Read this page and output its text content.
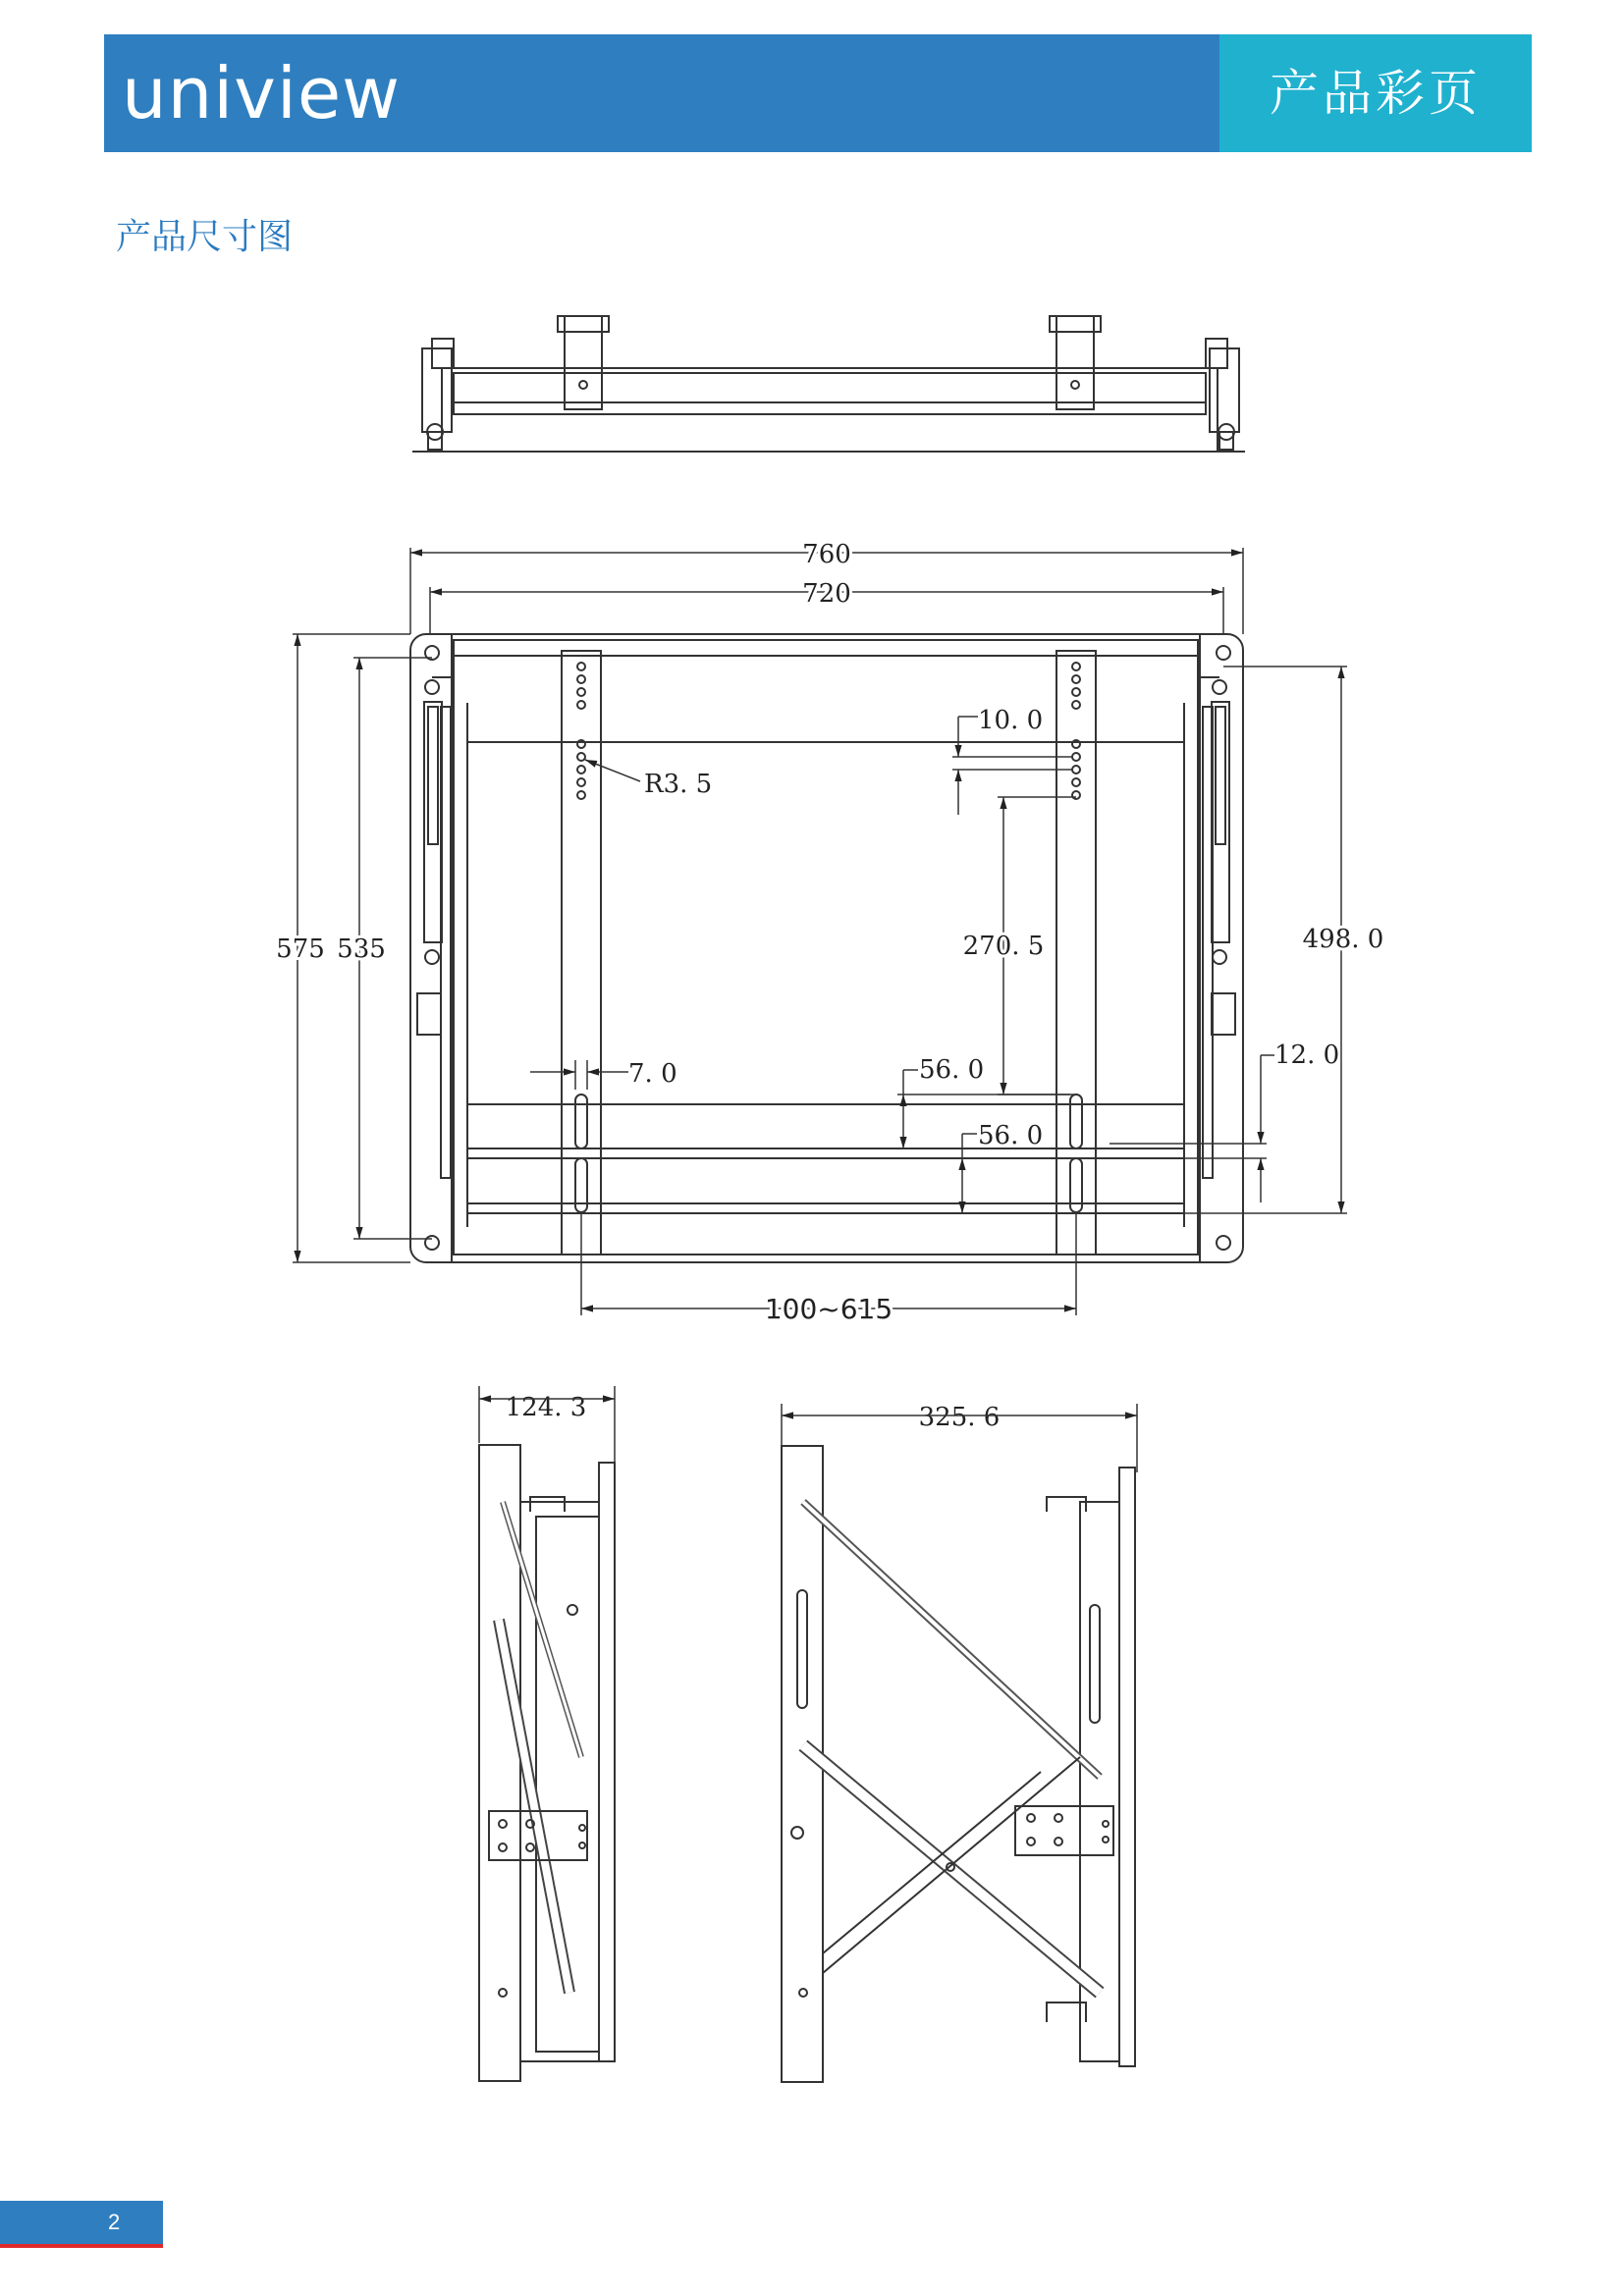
uniview	产品彩页
产品尺寸图
760
720
575 535
R3. 5
10. 0
270. 5	498. 0
7. 0	56. 0
56. 0
12. 0
100~615
124. 3	325. 6
2
